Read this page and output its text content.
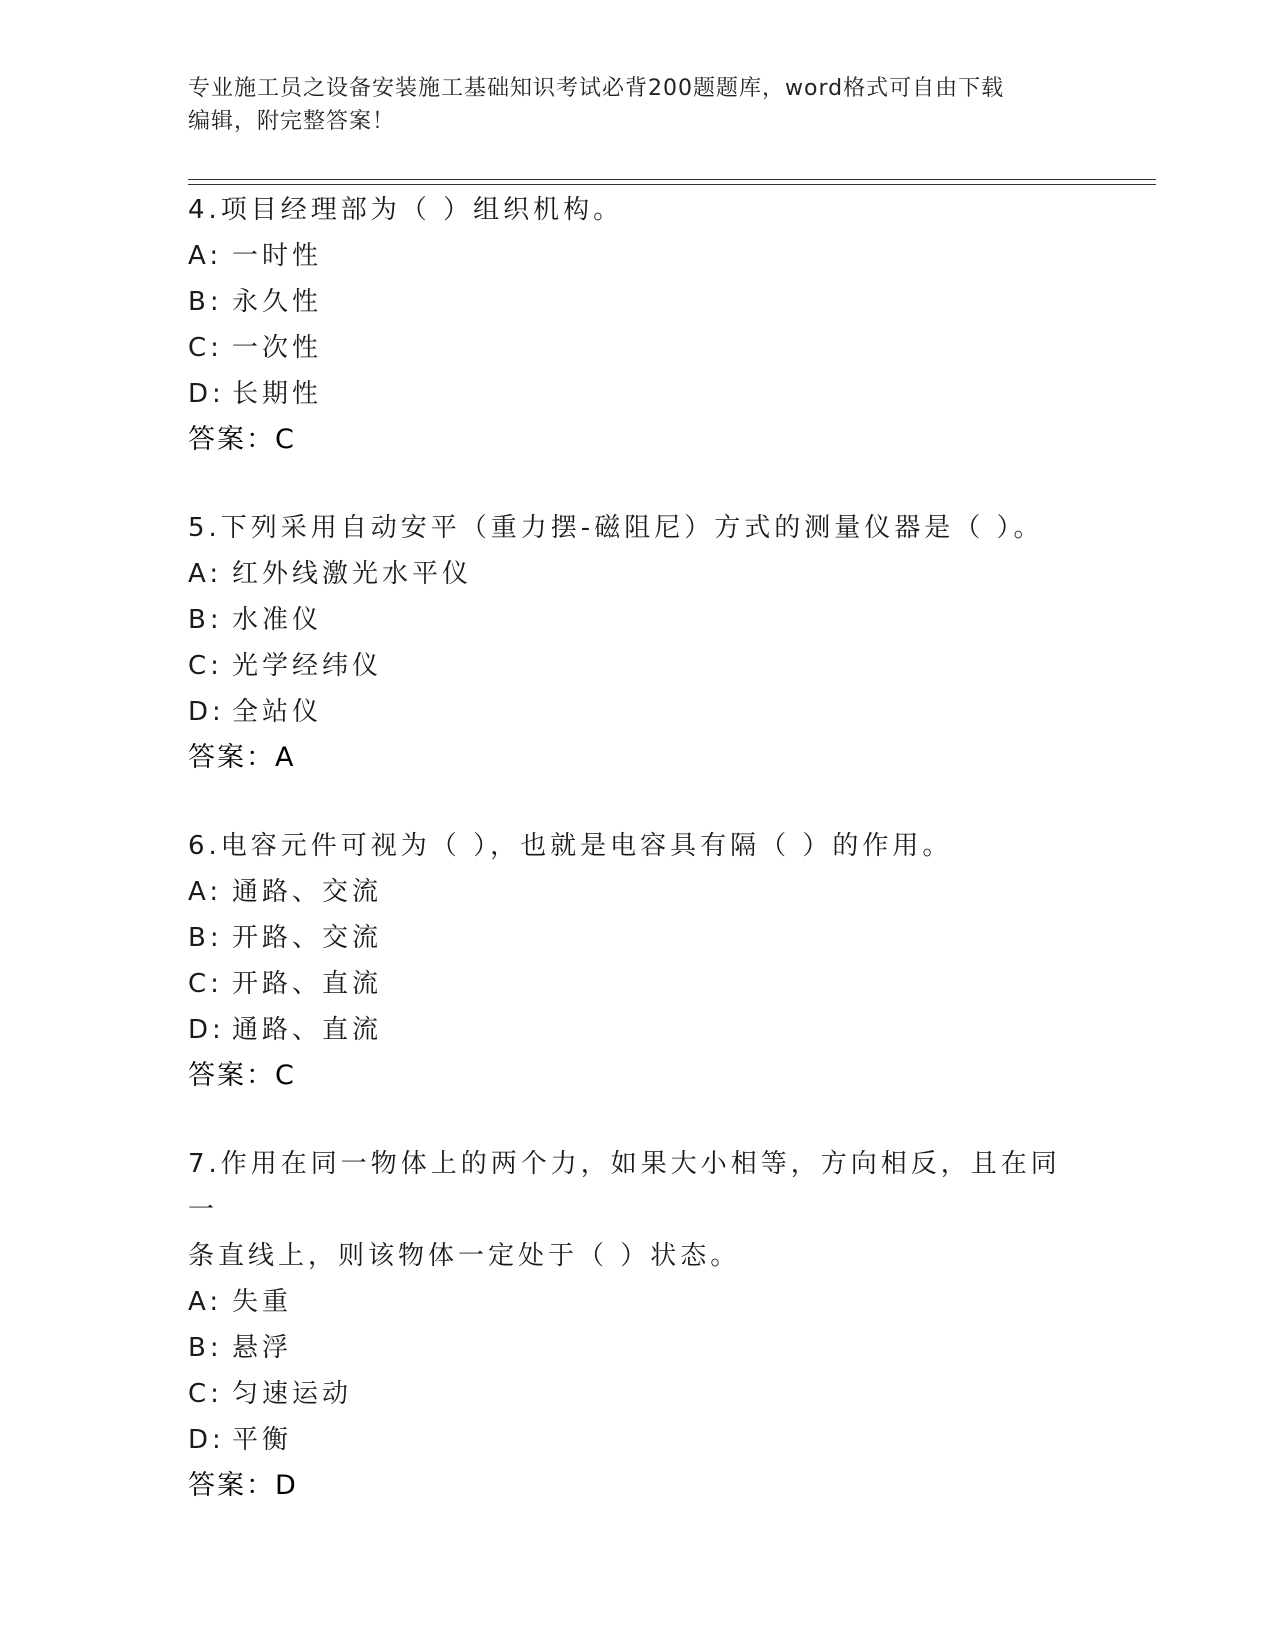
专业施工员之设备安装施工基础知识考试必背200题题库，word格式可自由下载
编辑，附完整答案！
4.项目经理部为（ ）组织机构。
A: 一时性
B: 永久性
C: 一次性
D: 长期性
答案：C
5.下列采用自动安平（重力摆-磁阻尼）方式的测量仪器是（ ）。
A: 红外线激光水平仪
B: 水准仪
C: 光学经纬仪
D: 全站仪
答案：A
6.电容元件可视为（ ），也就是电容具有隔（ ）的作用。
A: 通路、交流
B: 开路、交流
C: 开路、直流
D: 通路、直流
答案：C
7.作用在同一物体上的两个力，如果大小相等，方向相反，且在同一
条直线上，则该物体一定处于（ ）状态。
A: 失重
B: 悬浮
C: 匀速运动
D: 平衡
答案：D
